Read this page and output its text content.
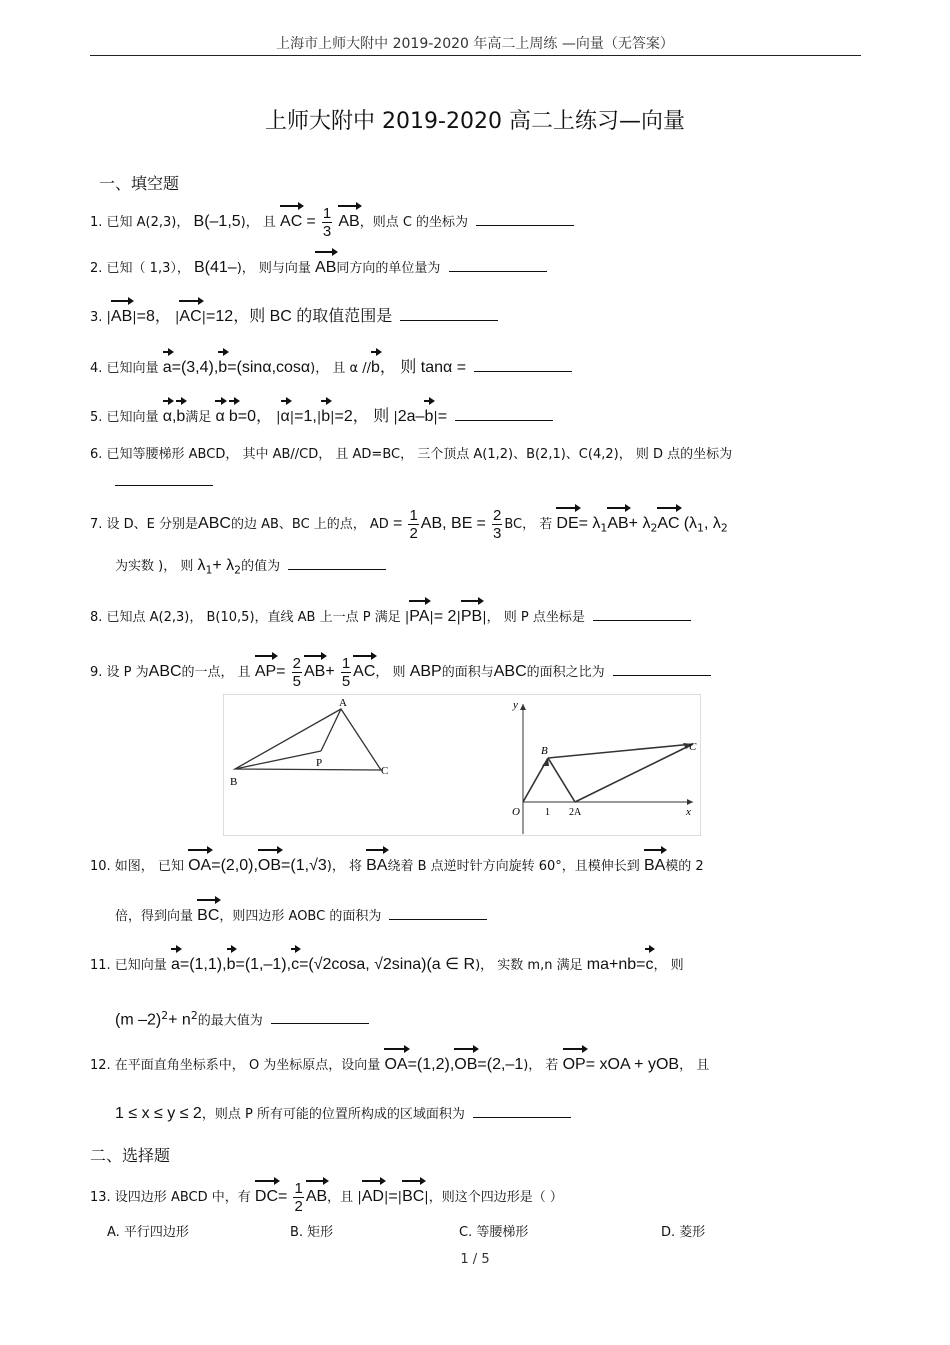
上海市上师大附中 2019-2020 年高二上周练 —向量（无答案）
上师大附中 2019-2020 高二上练习—向量
一、填空题
1. 已知 A(2,3)， B(–1,5)， 且 AC = $\frac{1}{3}$ AB，则点 C 的坐标为
2. 已知（ 1,3）， B(41–)， 则与向量 AB同方向的单位量为
3. |AB|=8， |AC|=12，则 BC 的取值范围是
4. 已知向量 a=(3,4),b=(sinα,cosα)， 且 α //b， 则 tanα =
5. 已知向量 α,b满足 α b=0， |α|=1,|b|=2， 则 |2a–b|=
6. 已知等腰梯形 ABCD， 其中 AB//CD， 且 AD=BC， 三个顶点 A(1,2)、B(2,1)、C(4,2)， 则 D 点的坐标为
7. 设 D、E 分别是ABC的边 AB、BC 上的点， AD = $\frac{1}{2}$ AB, BE = $\frac{2}{3}$ BC， 若 $DE= \lambda_1AB+ \lambda_2AC$ ($\lambda_1$, $\lambda_2$
为实数 )， 则 $\lambda_1+ \lambda_2$的值为
8. 已知点 A(2,3)， B(10,5)，直线 AB 上一点 P 满足 |PA|= 2|PB|， 则 P 点坐标是
9. 设 P 为ABC的一点， 且 $AP= \frac{2}{5} AB+ \frac{1}{5}$ AC， 则 ABP的面积与ABC的面积之比为
A
B
P
C
y
B	C
O	1 2A	x
10. 如图， 已知 OA=(2,0),OB=(1,√3)， 将 BA绕着 B 点逆时针方向旋转 60°，且模伸长到 BA模的 2
倍，得到向量 BC，则四边形 AOBC 的面积为
11. 已知向量 a=(1,1),b=(1,–1),c=(√2cosa, √2sina)(a ∈ R)， 实数 m,n 满足 ma+nb=c， 则
(m $-2)^2+ n^2$的最大值为
12. 在平面直角坐标系中， O 为坐标原点，设向量 OA=(1,2),OB=(2,–1)， 若 OP= xOA + yOB， 且
1 ≤ x ≤ y ≤ 2，则点 P 所有可能的位置所构成的区域面积为
二、选择题
13. 设四边形 ABCD 中，有 $DC= \frac{1}{2}$ AB，且 |AD|=|BC|，则这个四边形是（ ）
A. 平行四边形	B. 矩形	C. 等腰梯形	D. 菱形
1 / 5
